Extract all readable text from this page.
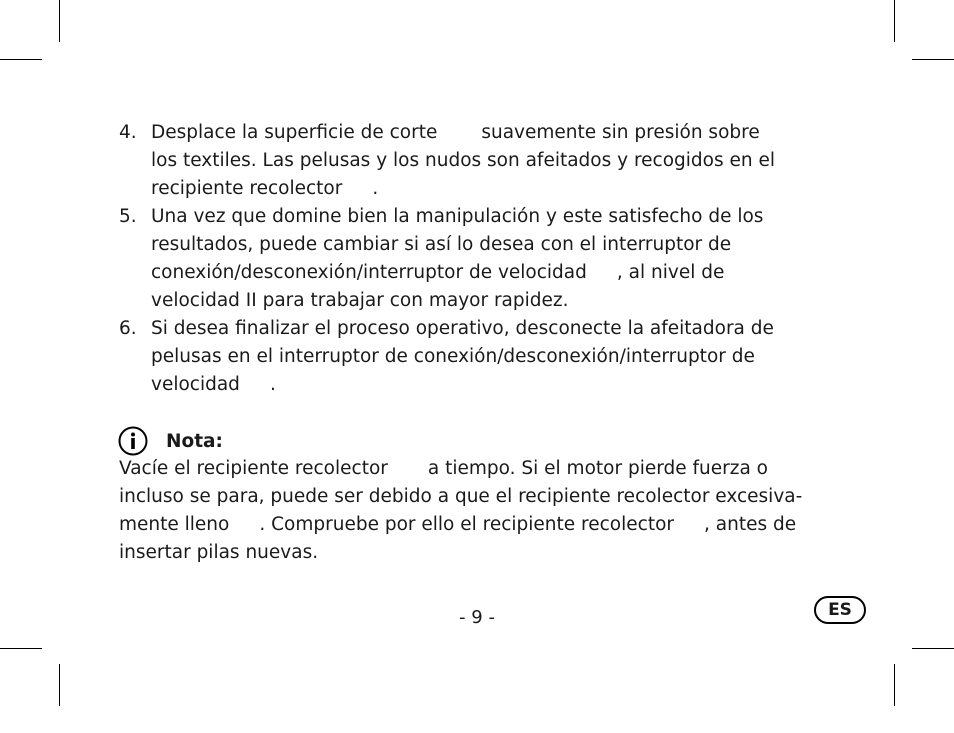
4. Desplace la superficie de corte suavemente sin presión sobre
los textiles. Las pelusas y los nudos son afeitados y recogidos en el
recipiente recolector .
5. Una vez que domine bien la manipulación y este satisfecho de los
resultados, puede cambiar si así lo desea con el interruptor de
conexión/desconexión/interruptor de velocidad , al nivel de
velocidad II para trabajar con mayor rapidez.
6. Si desea finalizar el proceso operativo, desconecte la afeitadora de
pelusas en el interruptor de conexión/desconexión/interruptor de
velocidad .
Nota:
Vacíe el recipiente recolector a tiempo. Si el motor pierde fuerza o
incluso se para, puede ser debido a que el recipiente recolector excesiva-
mente lleno . Compruebe por ello el recipiente recolector , antes de
insertar pilas nuevas.
- 9 -	ES
